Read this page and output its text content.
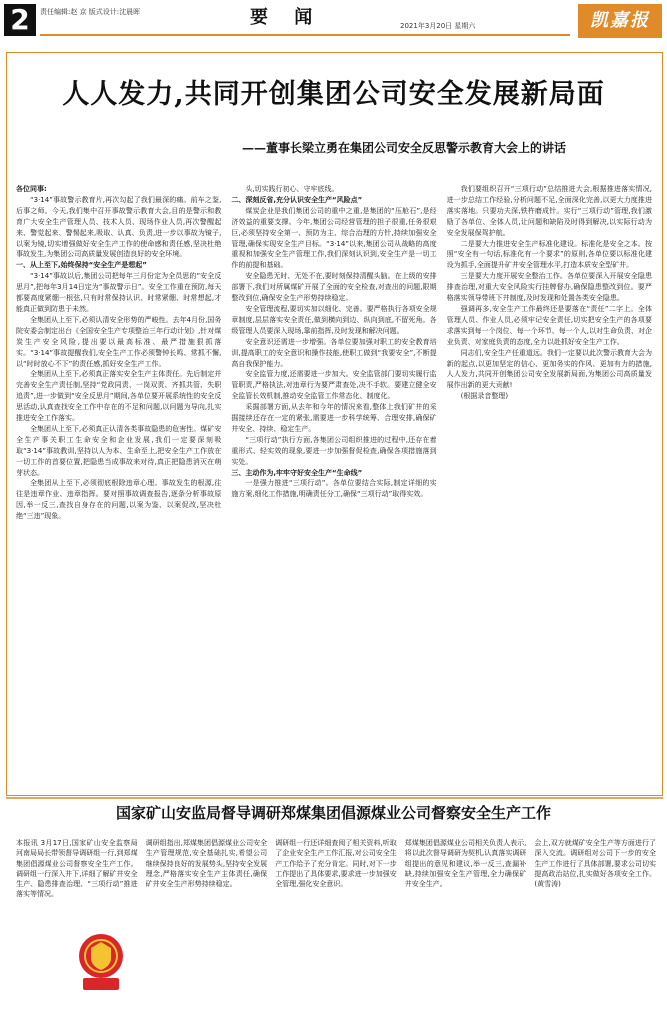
2	责任编辑:赵 京 版式设计:沈晨晖	要 闻	2021年3月20日 星期六	凯嘉报
人人发力,共同开创集团公司安全发展新局面
——董事长梁立勇在集团公司安全反思警示教育大会上的讲话

各位同事:

“3·14”事故警示教育片,再次勾起了我们最深的痛。前车之鉴,后事之师。今天,我们集中召开事故警示教育大会,目的是警示和教育广大安全生产管理人员、技术人员、现场作业人员,再次警醒起来、警觉起来、警惕起来,吸取、认真、负责,进一步以事故为镜子,以案为镜,切实增强做好安全生产工作的使命感和责任感,坚决杜绝事故发生,为集团公司高质量发展创造良好的安全环境。

一、从上至下,始终保持“安全生产是想起”

“3·14”事故以后,集团公司把每年三月份定为全员思的“安全反思月”,把每年3月14日定为“事故警示日”。安全工作重在预防,每天都要高度紧绷一根弦,只有时常保持认识、时常紧绷、时常想起,才能真正做到防患于未然。

全集团从上至下,必须认清安全形势的严峻性。去年4月份,国务院安委会制定出台《全国安全生产专项整治三年行动计划》,针对煤炭生产安全风险,提出要以最高标准、最严措施狠抓落实。“3·14”事故提醒我们,安全生产工作必须警钟长鸣、常抓不懈,以“时时放心不下”的责任感,抓好安全生产工作。

全集团从上至下,必须真正落实安全生产主体责任。先后制定并完善安全生产责任制,坚持“党政同责、一岗双责、齐抓共管、失职追责”,进一步做到“安全反思月”期间,各单位要开展系统性的安全反思活动,认真查找安全工作中存在的不足和问题,以问题为导向,扎实推进安全工作落实。

全集团从上至下,必须真正认清各类事故隐患的危害性。煤矿安全生产事关职工生命安全和企业发展,我们一定要深刻吸取“3·14”事故教训,坚持以人为本、生命至上,把安全生产工作放在一切工作的首要位置,把隐患当成事故来对待,真正把隐患消灭在萌芽状态。

全集团从上至下,必须彻底根除违章心理。事故发生的根源,往往是违章作业、违章指挥。要对照事故调查报告,逐条分析事故原因,举一反三,查找自身存在的问题,以案为鉴、以案促改,坚决杜绝“三违”现象。

头,切实践行初心、守牢底线。

二、深刻反省,充分认识安全生产“风险点”

煤炭企业是我们集团公司的重中之重,是集团的“压舱石”,是经济效益的重要支撑。今年,集团公司经营管理的担子很重,任务很艰巨,必须坚持安全第一、预防为主、综合治理的方针,持续加强安全管理,确保实现安全生产目标。“3·14”以来,集团公司从战略的高度重视和加强安全生产管理工作,我们深刻认识到,安全生产是一切工作的前提和基础。

安全隐患无时、无处不在,要时刻保持清醒头脑。在上级的安排部署下,我们对所属煤矿开展了全面的安全检查,对查出的问题,限期整改到位,确保安全生产形势持续稳定。

安全管理流程,要切实加以细化、完善。要严格执行各项安全规章制度,层层落实安全责任,做到横向到边、纵向到底,不留死角。各级管理人员要深入现场,靠前指挥,及时发现和解决问题。

安全意识还需进一步增强。各单位要加强对职工的安全教育培训,提高职工的安全意识和操作技能,使职工做到“我要安全”,不断提高自我保护能力。

安全监管力度,还需要进一步加大。安全监管部门要切实履行监管职责,严格执法,对违章行为要严肃查处,决不手软。要建立健全安全监管长效机制,推动安全监管工作常态化、制度化。

采掘部署方面,从去年和今年的情况来看,整体上我们矿井的采掘接续还存在一定的紧张,需要进一步科学统筹、合理安排,确保矿井安全、持续、稳定生产。

“三项行动”执行方面,各集团公司组织推进的过程中,还存在着重形式、轻实效的现象,要进一步加强督促检查,确保各项措施落到实处。

三、主动作为,牢牢守好安全生产“生命线”

一是强力推进“三项行动”。各单位要结合实际,制定详细的实施方案,细化工作措施,明确责任分工,确保“三项行动”取得实效。

我们要组织召开“三项行动”总结推进大会,根据推进落实情况,进一步总结工作经验,分析问题不足,全面深化完善,以更大力度推进落实落地。只要功夫深,铁杵磨成针。实行“三项行动”管理,我们激励了各单位、全体人员,让问题和缺陷及时得到解决,以实际行动为安全发展保驾护航。

二是要大力推进安全生产标准化建设。标准化是安全之本。按照“安全有一句话,标准化有一个要求”的原则,各单位要以标准化建设为抓手,全面提升矿井安全管理水平,打造本质安全型矿井。

三是要大力度开展安全整治工作。各单位要深入开展安全隐患排查治理,对重大安全风险实行挂牌督办,确保隐患整改到位。要严格落实领导带班下井制度,及时发现和处置各类安全隐患。

强调再多,安全生产工作最终还是要落在“责任”二字上。全体管理人员、作业人员,必须牢记安全责任,切实把安全生产的各项要求落实到每一个岗位、每一个环节、每一个人,以对生命负责、对企业负责、对家庭负责的态度,全力以赴抓好安全生产工作。

同志们,安全生产任重道远。我们一定要以此次警示教育大会为新的起点,以更加坚定的信心、更加务实的作风、更加有力的措施,人人发力,共同开创集团公司安全发展新局面,为集团公司高质量发展作出新的更大贡献!

(根据录音整理)

国家矿山安监局督导调研郑煤集团倡源煤业公司督察安全生产工作
本报讯 3月17日,国家矿山安全监察局河南局局长带领督导调研组一行,到郑煤集团倡源煤业公司督察安全生产工作。调研组一行深入井下,详细了解矿井安全生产、隐患排查治理、“三项行动”推进落实等情况。
调研组指出,郑煤集团倡源煤业公司安全生产管理规范,安全基础扎实,希望公司继续保持良好的发展势头,坚持安全发展理念,严格落实安全生产主体责任,确保矿井安全生产形势持续稳定。
调研组一行还详细查阅了相关资料,听取了企业安全生产工作汇报,对公司安全生产工作给予了充分肯定。同时,对下一步工作提出了具体要求,要求进一步加强安全管理,强化安全意识。
郑煤集团倡源煤业公司相关负责人表示,将以此次督导调研为契机,认真落实调研组提出的意见和建议,举一反三,查漏补缺,持续加强安全生产管理,全力确保矿井安全生产。
会上,双方就煤矿安全生产等方面进行了深入交流。调研组对公司下一步的安全生产工作进行了具体部署,要求公司切实提高政治站位,扎实做好各项安全工作。(黄雪涛)
